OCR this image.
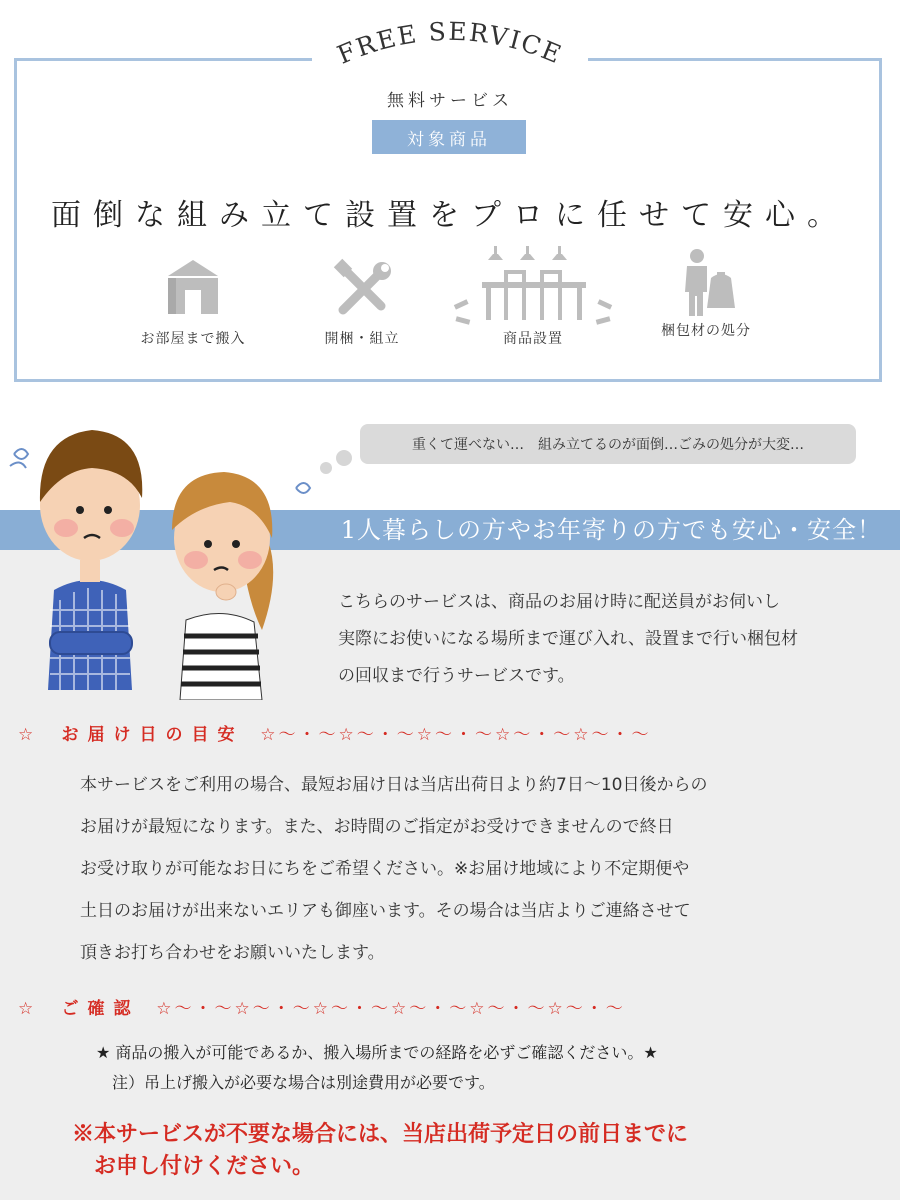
FREE SERVICE
無料サービス
対象商品
面倒な組み立て設置をプロに任せて安心。
お部屋まで搬入	開梱・組立	商品設置	梱包材の処分
1人暮らしの方やお年寄りの方でも安心・安全！
重くて運べない…　組み立てるのが面倒…ごみの処分が大変…
こちらのサービスは、商品のお届け時に配送員がお伺いし
実際にお使いになる場所まで運び入れ、設置まで行い梱包材
の回収まで行うサービスです。
☆ お届け日の目安 ☆〜・〜☆〜・〜☆〜・〜☆〜・〜☆〜・〜
本サービスをご利用の場合、最短お届け日は当店出荷日より約7日〜10日後からの
お届けが最短になります。また、お時間のご指定がお受けできませんので終日
お受け取りが可能なお日にちをご希望ください。※お届け地域により不定期便や
土日のお届けが出来ないエリアも御座います。その場合は当店よりご連絡させて
頂きお打ち合わせをお願いいたします。
☆ ご確認 ☆〜・〜☆〜・〜☆〜・〜☆〜・〜☆〜・〜☆〜・〜
★ 商品の搬入が可能であるか、搬入場所までの経路を必ずご確認ください。★
　注）吊上げ搬入が必要な場合は別途費用が必要です。
※本サービスが不要な場合には、当店出荷予定日の前日までに
　お申し付けください。
